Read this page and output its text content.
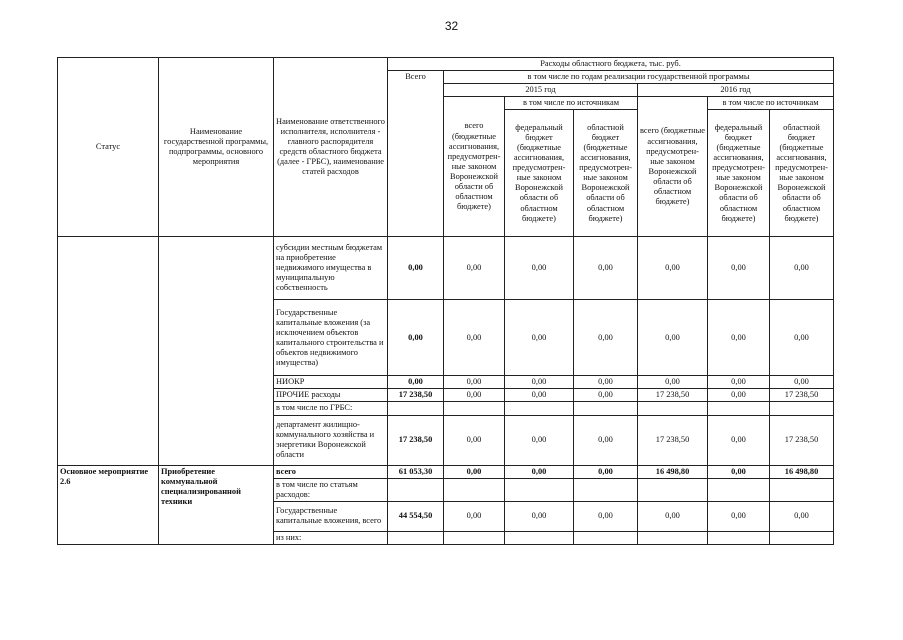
32
Статус	Наименование государственной программы, подпрограммы, основного мероприятия	Наименование ответственного исполнителя, исполнителя - главного распорядителя средств областного бюджета (далее - ГРБС), наименование статей расходов	Расходы областного бюджета, тыс. руб.						
			Всего	в том числе по годам реализации государственной программы					
				2015 год			2016 год		
				всего (бюджетные ассигнования, предусмотрен-ные законом Воронежской области об областном бюджете)	в том числе по источникам		всего (бюджетные ассигнования, предусмотрен-ные законом Воронежской области об областном бюджете)	в том числе по источникам	
					федеральный бюджет (бюджетные ассигнования, предусмотрен-ные законом Воронежской области об областном бюджете)	областной бюджет (бюджетные ассигнования, предусмотрен-ные законом Воронежской области об областном бюджете)		федеральный бюджет (бюджетные ассигнования, предусмотрен-ные законом Воронежской области об областном бюджете)	областной бюджет (бюджетные ассигнования, предусмотрен-ные законом Воронежской области об областном бюджете)
		субсидии местным бюджетам на приобретение недвижимого имущества в муниципальную собственность	0,00	0,00	0,00	0,00	0,00	0,00	0,00
		Государственные капитальные вложения (за исключением объектов капитального строительства и объектов недвижимого имущества)	0,00	0,00	0,00	0,00	0,00	0,00	0,00
		НИОКР	0,00	0,00	0,00	0,00	0,00	0,00	0,00
		ПРОЧИЕ расходы	17 238,50	0,00	0,00	0,00	17 238,50	0,00	17 238,50
		в том числе по ГРБС:							
		департамент жилищно-коммунального хозяйства и энергетики Воронежской области	17 238,50	0,00	0,00	0,00	17 238,50	0,00	17 238,50
Основное мероприятие 2.6	Приобретение коммунальной специализированной техники	всего	61 053,30	0,00	0,00	0,00	16 498,80	0,00	16 498,80
		в том числе по статьям расходов:							
		Государственные капитальные вложения, всего	44 554,50	0,00	0,00	0,00	0,00	0,00	0,00
		из них:							
